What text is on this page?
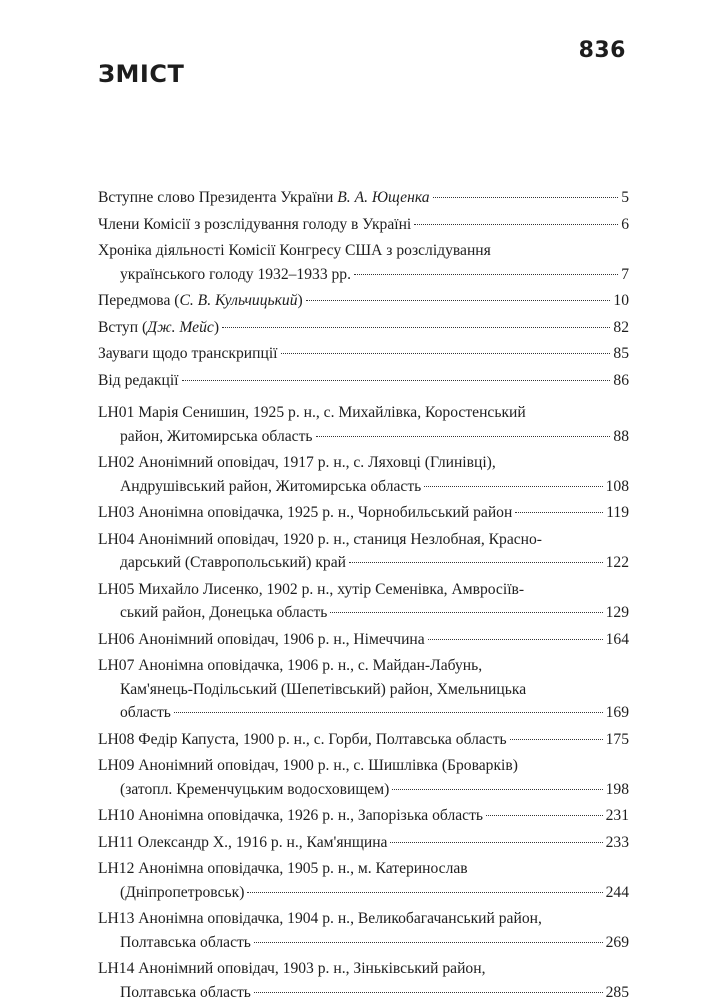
836
ЗМІСТ
Вступне слово Президента України В. А. Ющенка	5
Члени Комісії з розслідування голоду в Україні	6
Хроніка діяльності Комісії Конгресу США з розслідування
українського голоду 1932–1933 рр.	7
Передмова (С. В. Кульчицький)	10
Вступ (Дж. Мейс)	82
Зауваги щодо транскрипції	85
Від редакції	86
LH01 Марія Сенишин, 1925 р. н., с. Михайлівка, Коростенський
район, Житомирська область	88
LH02 Анонімний оповідач, 1917 р. н., с. Ляховці (Глинівці),
Андрушівський район, Житомирська область	108
LH03 Анонімна оповідачка, 1925 р. н., Чорнобильський район	119
LH04 Анонімний оповідач, 1920 р. н., станиця Незлобная, Красно-
дарський (Ставропольський) край	122
LH05 Михайло Лисенко, 1902 р. н., хутір Семенівка, Амвросіїв-
ський район, Донецька область	129
LH06 Анонімний оповідач, 1906 р. н., Німеччина	164
LH07 Анонімна оповідачка, 1906 р. н., с. Майдан-Лабунь,
Кам'янець-Подільський (Шепетівський) район, Хмельницька
область	169
LH08 Федір Капуста, 1900 р. н., с. Горби, Полтавська область	175
LH09 Анонімний оповідач, 1900 р. н., с. Шишлівка (Броварків)
(затопл. Кременчуцьким водосховищем)	198
LH10 Анонімна оповідачка, 1926 р. н., Запорізька область	231
LH11 Олександр Х., 1916 р. н., Кам'янщина	233
LH12 Анонімна оповідачка, 1905 р. н., м. Катеринослав
(Дніпропетровськ)	244
LH13 Анонімна оповідачка, 1904 р. н., Великобагачанський район,
Полтавська область	269
LH14 Анонімний оповідач, 1903 р. н., Зіньківський район,
Полтавська область	285
